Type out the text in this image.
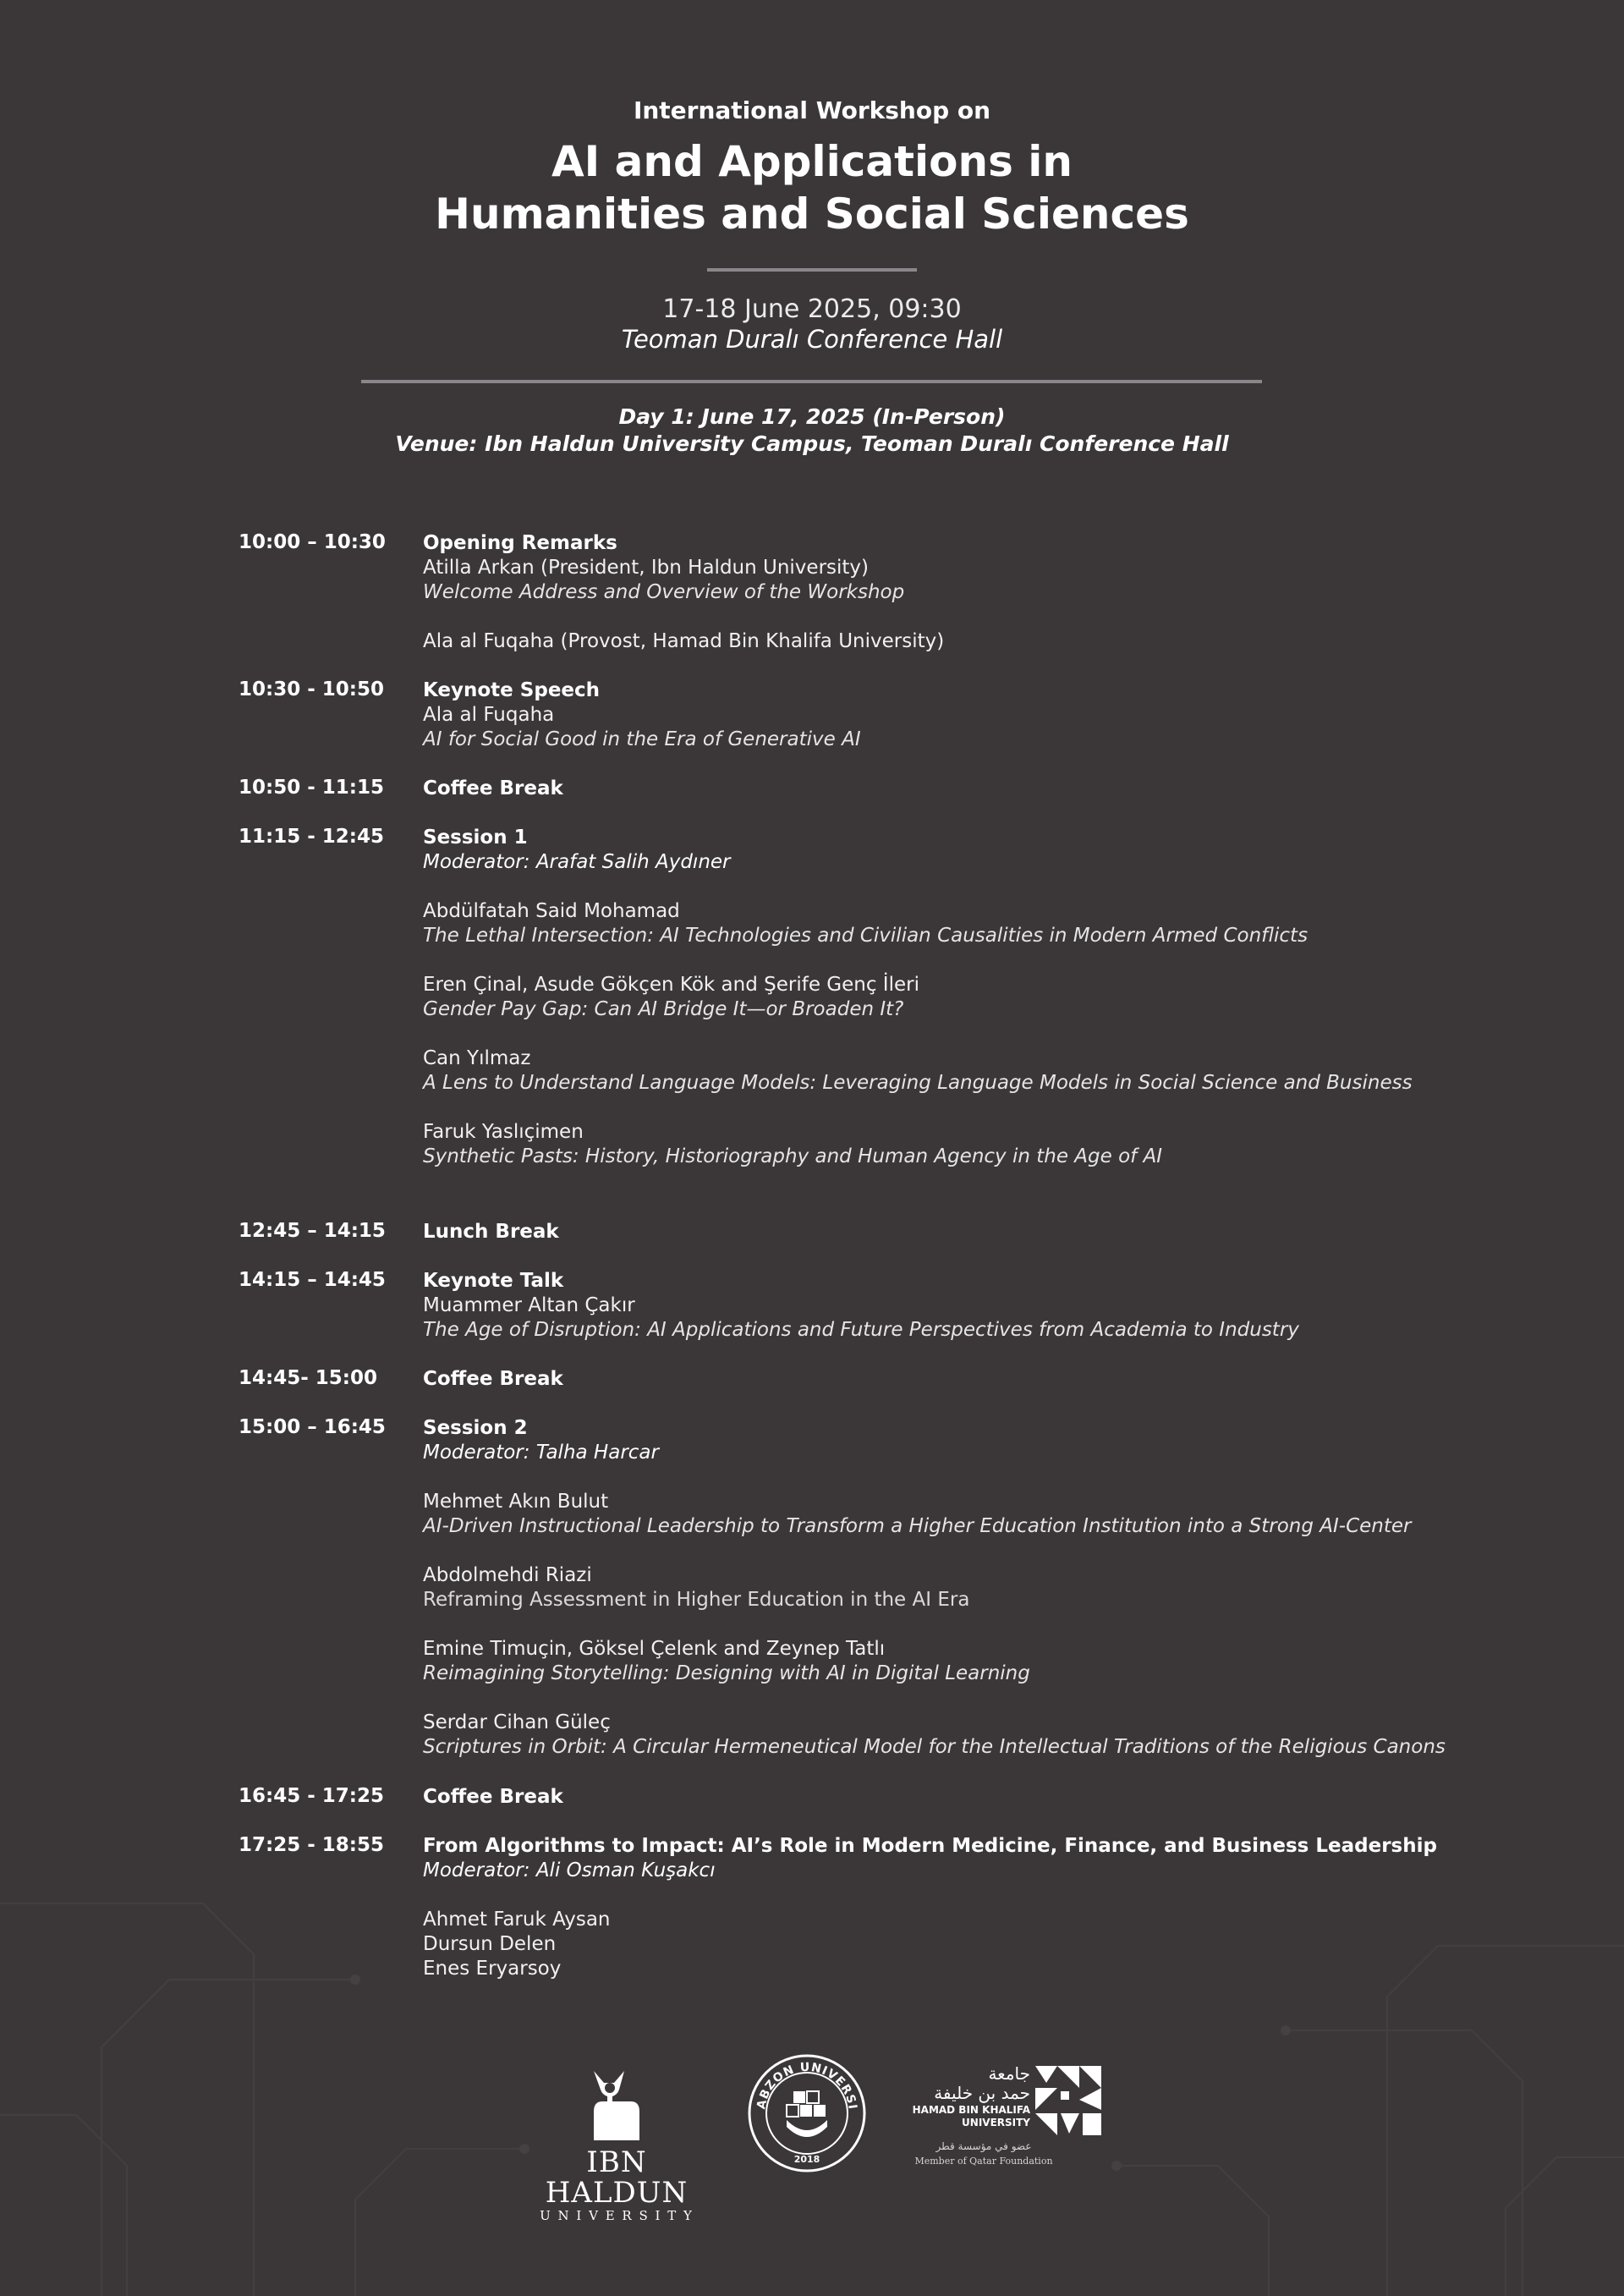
International Workshop on
AI and Applications in
Humanities and Social Sciences
17-18 June 2025, 09:30
Teoman Duralı Conference Hall
Day 1: June 17, 2025 (In-Person)
Venue: Ibn Haldun University Campus, Teoman Duralı Conference Hall
10:00 – 10:30 Opening Remarks
Atilla Arkan (President, Ibn Haldun University)
Welcome Address and Overview of the Workshop
Ala al Fuqaha (Provost, Hamad Bin Khalifa University)
10:30 - 10:50 Keynote Speech
Ala al Fuqaha
AI for Social Good in the Era of Generative AI
10:50 - 11:15 Coffee Break
11:15 - 12:45 Session 1
Moderator: Arafat Salih Aydıner
Abdülfatah Said Mohamad
The Lethal Intersection: AI Technologies and Civilian Causalities in Modern Armed Conflicts
Eren Çinal, Asude Gökçen Kök and Şerife Genç İleri
Gender Pay Gap: Can AI Bridge It—or Broaden It?
Can Yılmaz
A Lens to Understand Language Models: Leveraging Language Models in Social Science and Business
Faruk Yaslıçimen
Synthetic Pasts: History, Historiography and Human Agency in the Age of AI
12:45 – 14:15 Lunch Break
14:15 – 14:45 Keynote Talk
Muammer Altan Çakır
The Age of Disruption: AI Applications and Future Perspectives from Academia to Industry
14:45- 15:00 Coffee Break
15:00 – 16:45 Session 2
Moderator: Talha Harcar
Mehmet Akın Bulut
AI-Driven Instructional Leadership to Transform a Higher Education Institution into a Strong AI-Center
Abdolmehdi Riazi
Reframing Assessment in Higher Education in the AI Era
Emine Timuçin, Göksel Çelenk and Zeynep Tatlı
Reimagining Storytelling: Designing with AI in Digital Learning
Serdar Cihan Güleç
Scriptures in Orbit: A Circular Hermeneutical Model for the Intellectual Traditions of the Religious Canons
16:45 - 17:25 Coffee Break
17:25 - 18:55 From Algorithms to Impact: AI’s Role in Modern Medicine, Finance, and Business Leadership
Moderator: Ali Osman Kuşakcı
Ahmet Faruk Aysan
Dursun Delen
Enes Eryarsoy
IBN HALDUN
U N I V E R S I T Y
ABZON UNIVERSI
2018
جامعة
حمد بن خليفة
HAMAD BIN KHALIFA
UNIVERSITY
عضو في مؤسسة قطر
Member of Qatar Foundation
